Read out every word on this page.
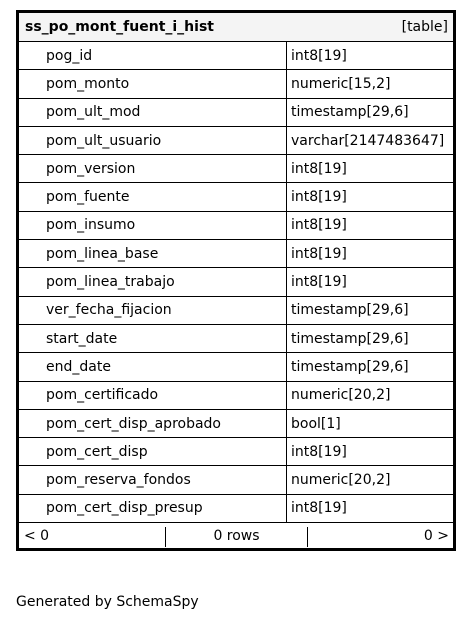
ss_po_mont_fuent_i_hist	[table]
pog_id	int8[19]
pom_monto	numeric[15,2]
pom_ult_mod	timestamp[29,6]
pom_ult_usuario	varchar[2147483647]
pom_version	int8[19]
pom_fuente	int8[19]
pom_insumo	int8[19]
pom_linea_base	int8[19]
pom_linea_trabajo	int8[19]
ver_fecha_fijacion	timestamp[29,6]
start_date	timestamp[29,6]
end_date	timestamp[29,6]
pom_certificado	numeric[20,2]
pom_cert_disp_aprobado	bool[1]
pom_cert_disp	int8[19]
pom_reserva_fondos	numeric[20,2]
pom_cert_disp_presup	int8[19]
< 0	0 rows	0 >
Generated by SchemaSpy
